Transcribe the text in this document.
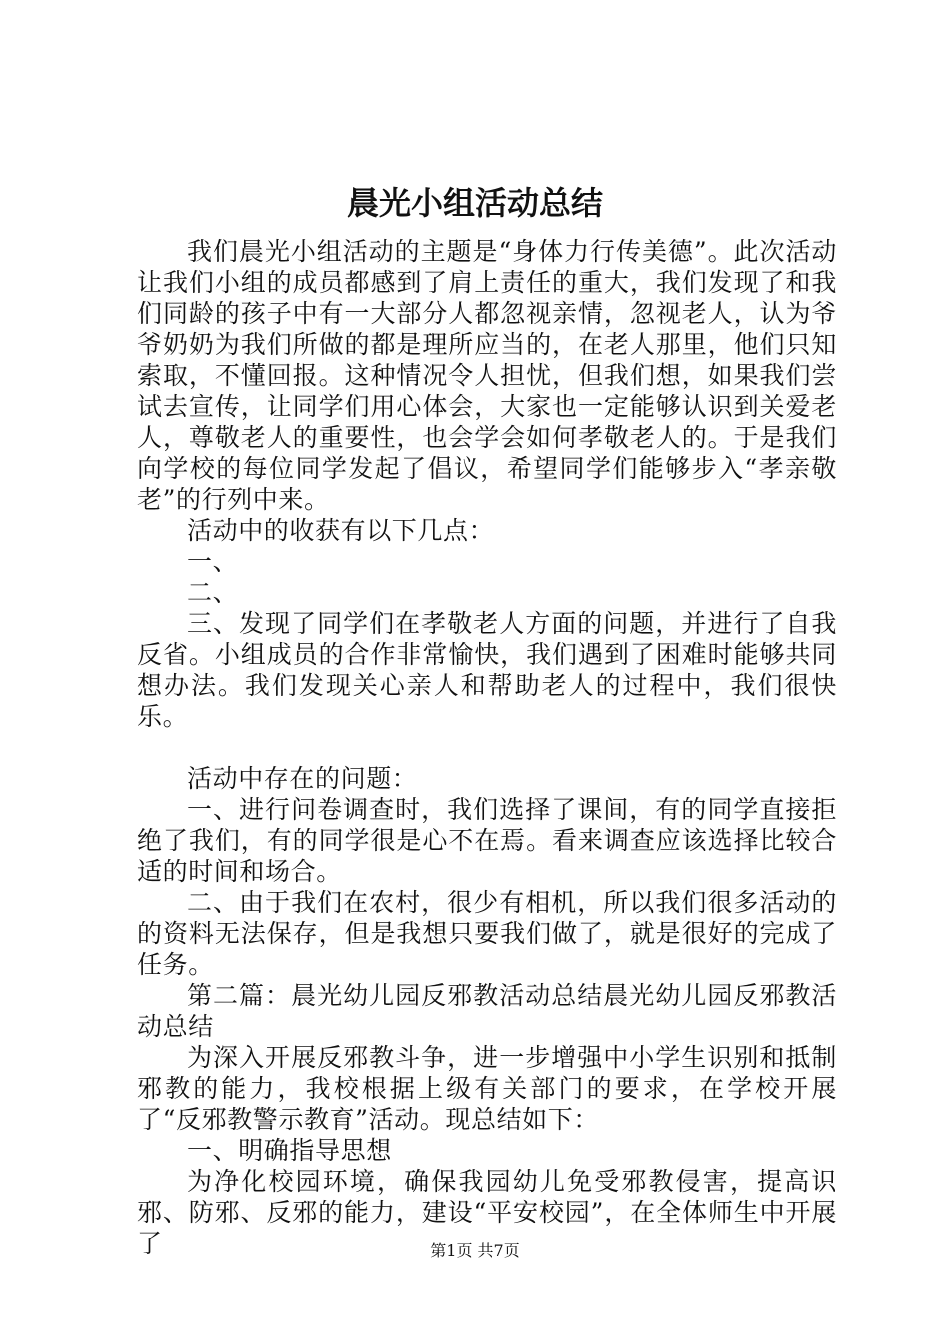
晨光小组活动总结

我们晨光小组活动的主题是“身体力行传美德”。此次活动让我们小组的成员都感到了肩上责任的重大，我们发现了和我们同龄的孩子中有一大部分人都忽视亲情，忽视老人，认为爷爷奶奶为我们所做的都是理所应当的，在老人那里，他们只知索取，不懂回报。这种情况令人担忧，但我们想，如果我们尝试去宣传，让同学们用心体会，大家也一定能够认识到关爱老人，尊敬老人的重要性，也会学会如何孝敬老人的。于是我们向学校的每位同学发起了倡议，希望同学们能够步入“孝亲敬老”的行列中来。

活动中的收获有以下几点：

一、

二、

三、发现了同学们在孝敬老人方面的问题，并进行了自我反省。小组成员的合作非常愉快，我们遇到了困难时能够共同想办法。我们发现关心亲人和帮助老人的过程中，我们很快乐。

活动中存在的问题：

一、进行问卷调查时，我们选择了课间，有的同学直接拒绝了我们，有的同学很是心不在焉。看来调查应该选择比较合适的时间和场合。

二、由于我们在农村，很少有相机，所以我们很多活动的的资料无法保存，但是我想只要我们做了，就是很好的完成了任务。

第二篇：晨光幼儿园反邪教活动总结晨光幼儿园反邪教活动总结

为深入开展反邪教斗争，进一步增强中小学生识别和抵制邪教的能力，我校根据上级有关部门的要求，在学校开展了“反邪教警示教育”活动。现总结如下：

一、明确指导思想

为净化校园环境，确保我园幼儿免受邪教侵害，提高识邪、防邪、反邪的能力，建设“平安校园”，在全体师生中开展了	第1页 共7页
